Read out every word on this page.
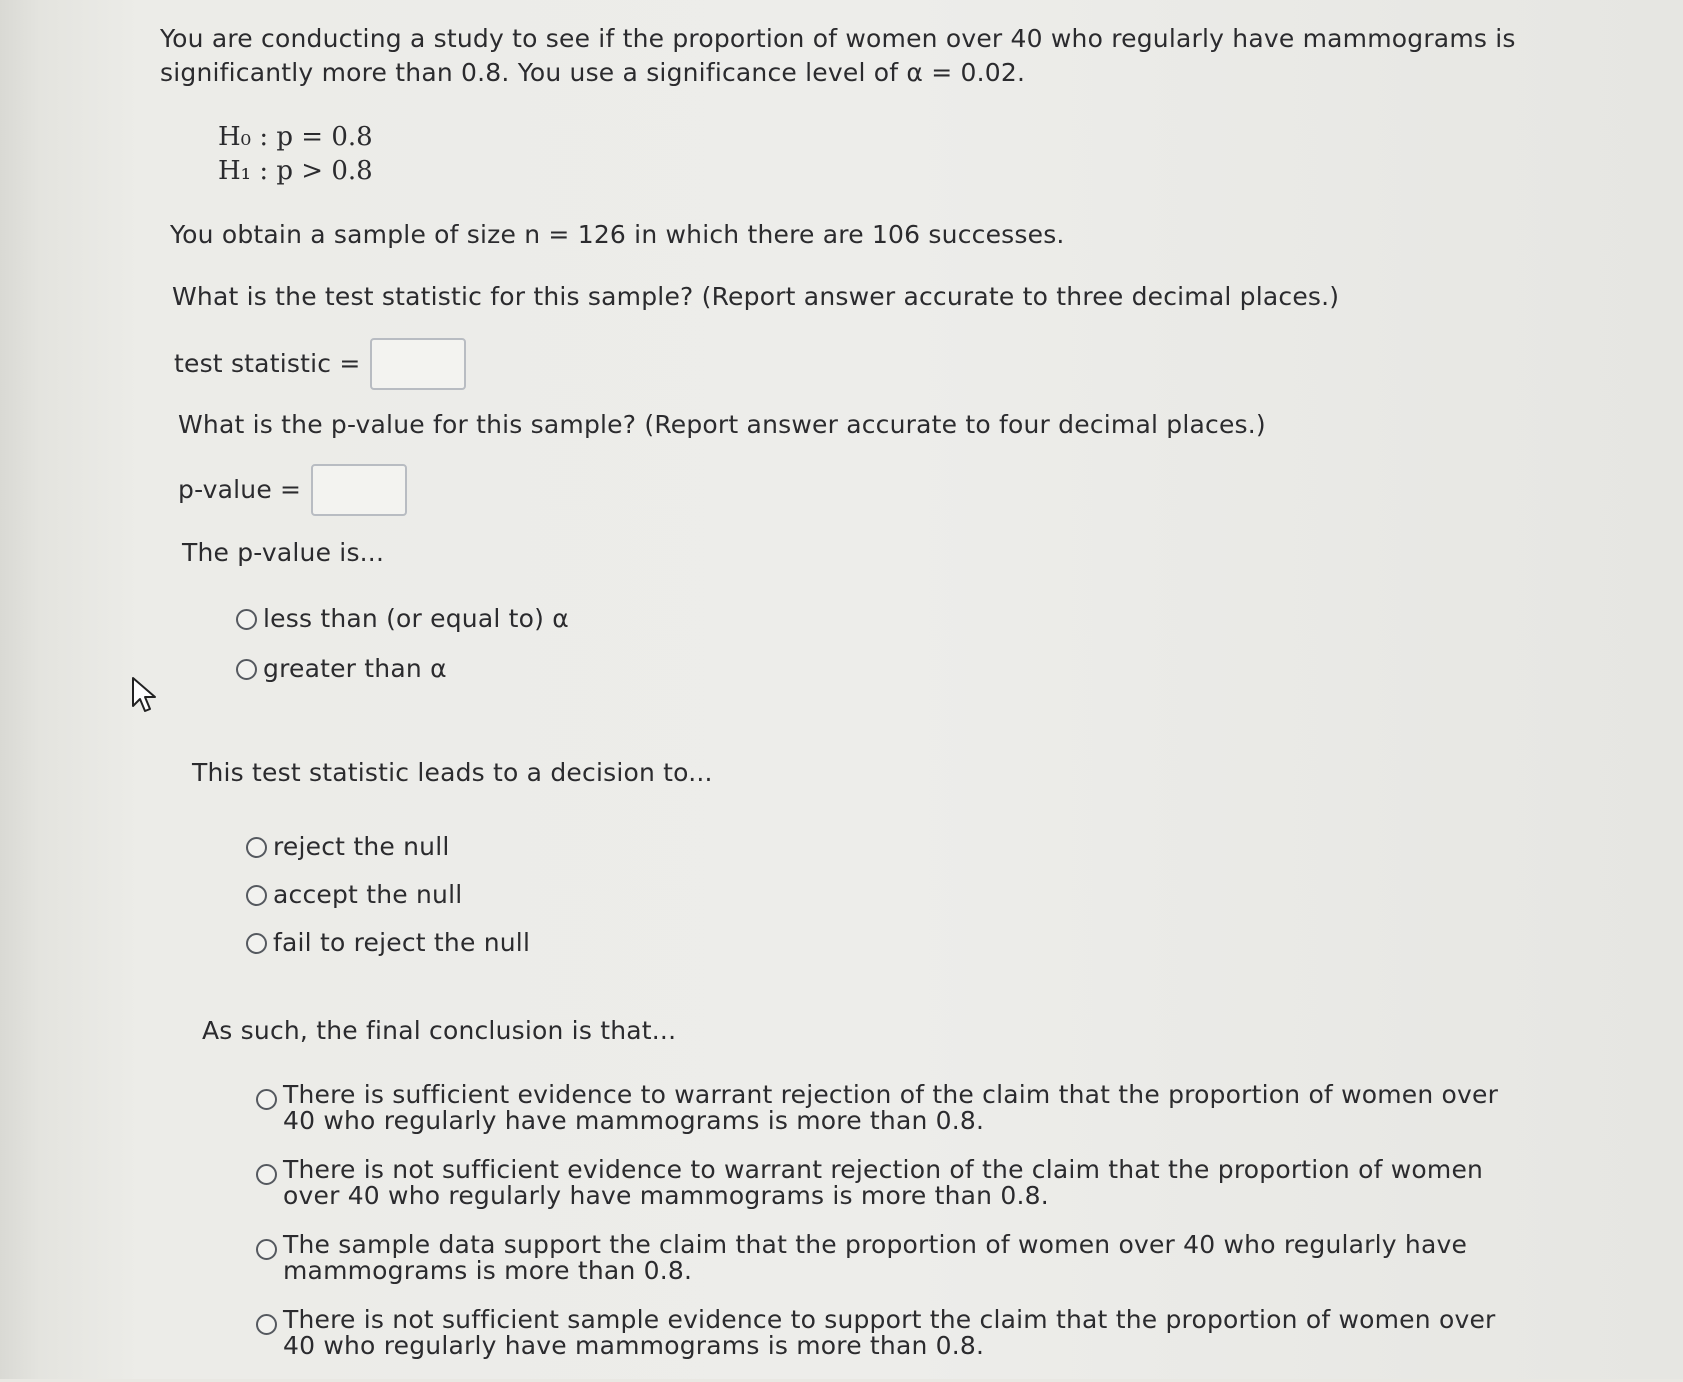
You are conducting a study to see if the proportion of women over 40 who regularly have mammograms is significantly more than 0.8. You use a significance level of α = 0.02.
H₀ : p = 0.8
H₁ : p > 0.8
You obtain a sample of size n = 126 in which there are 106 successes.
What is the test statistic for this sample? (Report answer accurate to three decimal places.)
test statistic =
What is the p-value for this sample? (Report answer accurate to four decimal places.)
p-value =
The p-value is...
less than (or equal to) α
greater than α
This test statistic leads to a decision to...
reject the null
accept the null
fail to reject the null
As such, the final conclusion is that...
There is sufficient evidence to warrant rejection of the claim that the proportion of women over 40 who regularly have mammograms is more than 0.8.
There is not sufficient evidence to warrant rejection of the claim that the proportion of women over 40 who regularly have mammograms is more than 0.8.
The sample data support the claim that the proportion of women over 40 who regularly have mammograms is more than 0.8.
There is not sufficient sample evidence to support the claim that the proportion of women over 40 who regularly have mammograms is more than 0.8.
